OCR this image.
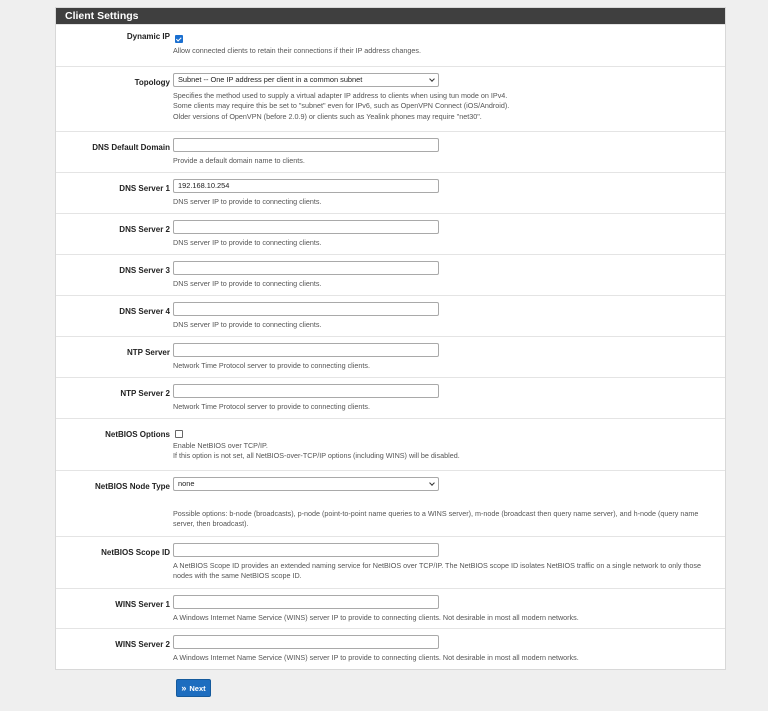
Client Settings
Dynamic IP
Allow connected clients to retain their connections if their IP address changes.
Topology	Subnet -- One IP address per client in a common subnet
Specifies the method used to supply a virtual adapter IP address to clients when using tun mode on IPv4.
Some clients may require this be set to "subnet" even for IPv6, such as OpenVPN Connect (iOS/Android).
Older versions of OpenVPN (before 2.0.9) or clients such as Yealink phones may require "net30".
DNS Default Domain
Provide a default domain name to clients.
DNS Server 1	192.168.10.254
DNS server IP to provide to connecting clients.
DNS Server 2
DNS server IP to provide to connecting clients.
DNS Server 3
DNS server IP to provide to connecting clients.
DNS Server 4
DNS server IP to provide to connecting clients.
NTP Server
Network Time Protocol server to provide to connecting clients.
NTP Server 2
Network Time Protocol server to provide to connecting clients.
NetBIOS Options
Enable NetBIOS over TCP/IP.
If this option is not set, all NetBIOS-over-TCP/IP options (including WINS) will be disabled.
NetBIOS Node Type	none
Possible options: b-node (broadcasts), p-node (point-to-point name queries to a WINS server), m-node (broadcast then query name server), and h-node (query name server, then broadcast).
NetBIOS Scope ID
A NetBIOS Scope ID provides an extended naming service for NetBIOS over TCP/IP. The NetBIOS scope ID isolates NetBIOS traffic on a single network to only those nodes with the same NetBIOS scope ID.
WINS Server 1
A Windows Internet Name Service (WINS) server IP to provide to connecting clients. Not desirable in most all modern networks.
WINS Server 2
A Windows Internet Name Service (WINS) server IP to provide to connecting clients. Not desirable in most all modern networks.
» Next
